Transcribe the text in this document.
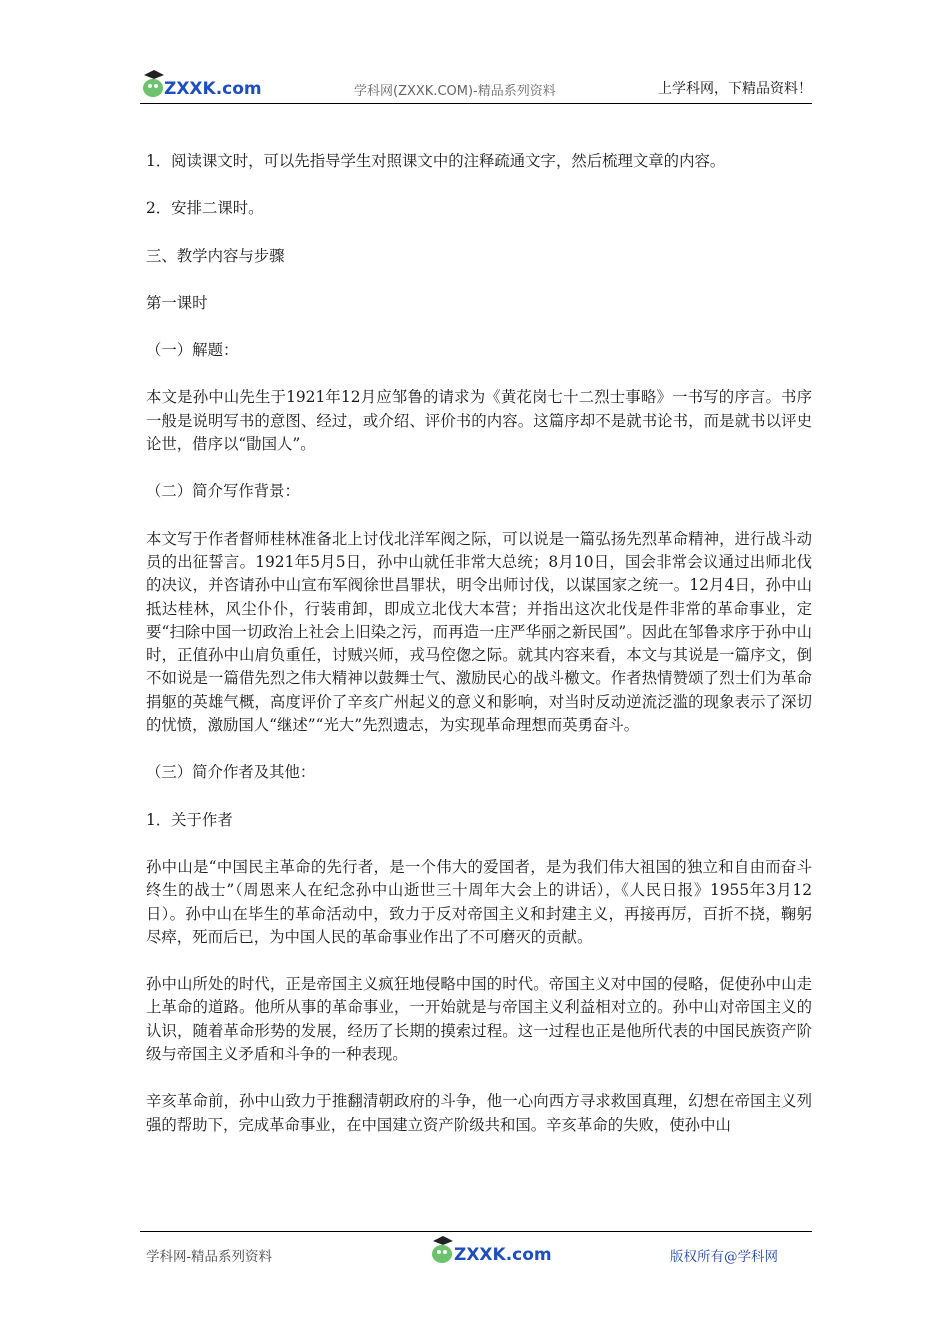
ZXXK.com	学科网(ZXXK.COM)-精品系列资料	上学科网，下精品资料！

1．阅读课文时，可以先指导学生对照课文中的注释疏通文字，然后梳理文章的内容。

2．安排二课时。

三、教学内容与步骤

第一课时

（一）解题：

本文是孙中山先生于1921年12月应邹鲁的请求为《黄花岗七十二烈士事略》一书写的序言。书序一般是说明写书的意图、经过，或介绍、评价书的内容。这篇序却不是就书论书，而是就书以评史论世，借序以“勖国人”。

（二）简介写作背景：

本文写于作者督师桂林准备北上讨伐北洋军阀之际，可以说是一篇弘扬先烈革命精神，进行战斗动员的出征誓言。1921年5月5日，孙中山就任非常大总统；8月10日，国会非常会议通过出师北伐的决议，并咨请孙中山宣布军阀徐世昌罪状，明令出师讨伐，以谋国家之统一。12月4日，孙中山抵达桂林，风尘仆仆，行装甫卸，即成立北伐大本营；并指出这次北伐是件非常的革命事业，定要“扫除中国一切政治上社会上旧染之污，而再造一庄严华丽之新民国”。因此在邹鲁求序于孙中山时，正值孙中山肩负重任，讨贼兴师，戎马倥偬之际。就其内容来看，本文与其说是一篇序文，倒不如说是一篇借先烈之伟大精神以鼓舞士气、激励民心的战斗檄文。作者热情赞颂了烈士们为革命捐躯的英雄气概，高度评价了辛亥广州起义的意义和影响，对当时反动逆流泛滥的现象表示了深切的忧愤，激励国人“继述”“光大”先烈遗志，为实现革命理想而英勇奋斗。

（三）简介作者及其他：

1．关于作者

孙中山是“中国民主革命的先行者，是一个伟大的爱国者，是为我们伟大祖国的独立和自由而奋斗终生的战士”（周恩来人在纪念孙中山逝世三十周年大会上的讲话），《人民日报》1955年3月12日）。孙中山在毕生的革命活动中，致力于反对帝国主义和封建主义，再接再厉，百折不挠，鞠躬尽瘁，死而后已，为中国人民的革命事业作出了不可磨灭的贡献。

孙中山所处的时代，正是帝国主义疯狂地侵略中国的时代。帝国主义对中国的侵略，促使孙中山走上革命的道路。他所从事的革命事业，一开始就是与帝国主义利益相对立的。孙中山对帝国主义的认识，随着革命形势的发展，经历了长期的摸索过程。这一过程也正是他所代表的中国民族资产阶级与帝国主义矛盾和斗争的一种表现。

辛亥革命前，孙中山致力于推翻清朝政府的斗争，他一心向西方寻求救国真理，幻想在帝国主义列强的帮助下，完成革命事业，在中国建立资产阶级共和国。辛亥革命的失败，使孙中山

学科网-精品系列资料	ZXXK.com	版权所有@学科网
